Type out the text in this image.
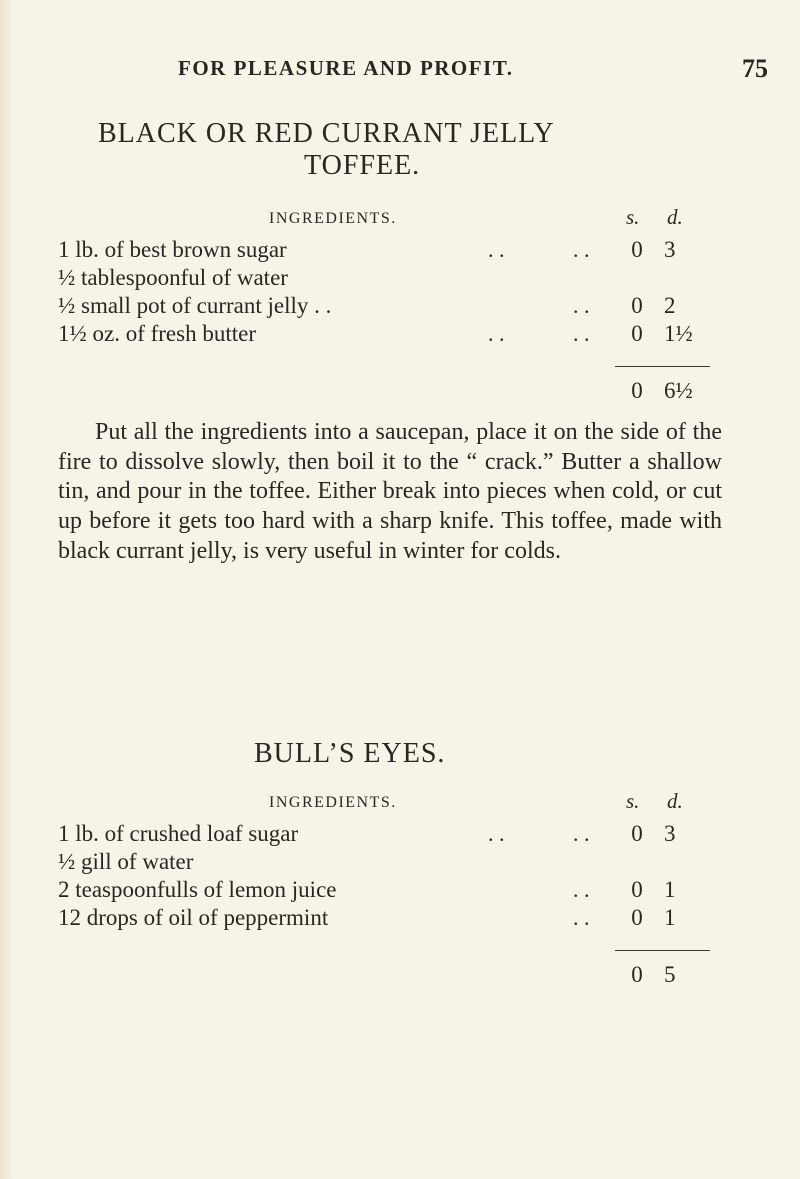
FOR PLEASURE AND PROFIT.	75
BLACK OR RED CURRANT JELLY
TOFFEE.
INGREDIENTS.	s. d.
1 lb. of best brown sugar	. .	. . 0 3
½ tablespoonful of water
½ small pot of currant jelly . .	. . 0 2
1½ oz. of fresh butter	. .	. . 0 1½
0 6½

Put all the ingredients into a saucepan, place it on the side of the fire to dissolve slowly, then boil it to the “ crack.” Butter a shallow tin, and pour in the toffee. Either break into pieces when cold, or cut up before it gets too hard with a sharp knife. This toffee, made with black currant jelly, is very useful in winter for colds.

BULL’S EYES.
INGREDIENTS.	s. d.
1 lb. of crushed loaf sugar	. .	. . 0 3
½ gill of water
2 teaspoonfulls of lemon juice	. . 0 1
12 drops of oil of peppermint	. . 0 1
0 5
